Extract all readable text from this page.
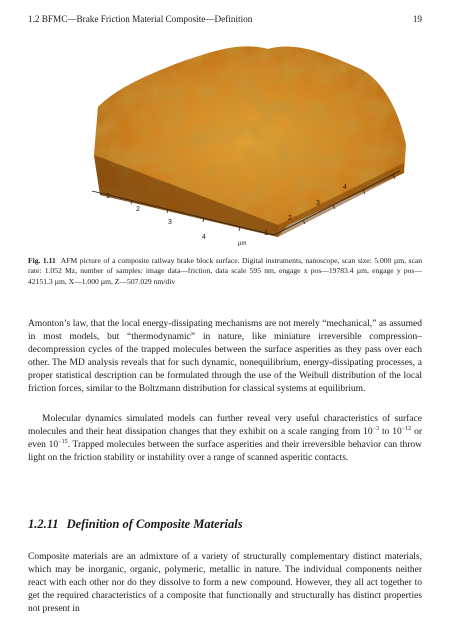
1.2 BFMC—Brake Friction Material Composite—Definition	19
1
2
3
4
1
2
3
4
µm
Fig. 1.11 AFM picture of a composite railway brake block surface. Digital instruments, nanoscope, scan size: 5.000 µm, scan rate: 1.052 Mz, number of samples: image data—friction, data scale 595 nm, engage x pos—19783.4 µm, engage y pos—42151.3 µm, X—1.000 µm, Z—507.029 nm/div

Amonton’s law, that the local energy-dissipating mechanisms are not merely “mechanical,” as assumed in most models, but “thermodynamic” in nature, like miniature irreversible compression–decompression cycles of the trapped molecules between the surface asperities as they pass over each other. The MD analysis reveals that for such dynamic, nonequilibrium, energy-dissipating processes, a proper statistical description can be formulated through the use of the Weibull distribution of the local friction forces, similar to the Boltzmann distribution for classical systems at equilibrium.

Molecular dynamics simulated models can further reveal very useful characteristics of surface molecules and their heat dissipation changes that they exhibit on a scale ranging from $10^{-3}$ to $10^{-12}$ or even $10^{-15}$. Trapped molecules between the surface asperities and their irreversible behavior can throw light on the friction stability or instability over a range of scanned asperitic contacts.

1.2.11 Definition of Composite Materials

Composite materials are an admixture of a variety of structurally complementary distinct materials, which may be inorganic, organic, polymeric, metallic in nature. The individual components neither react with each other nor do they dissolve to form a new compound. However, they all act together to get the required characteristics of a composite that functionally and structurally has distinct properties not present in
